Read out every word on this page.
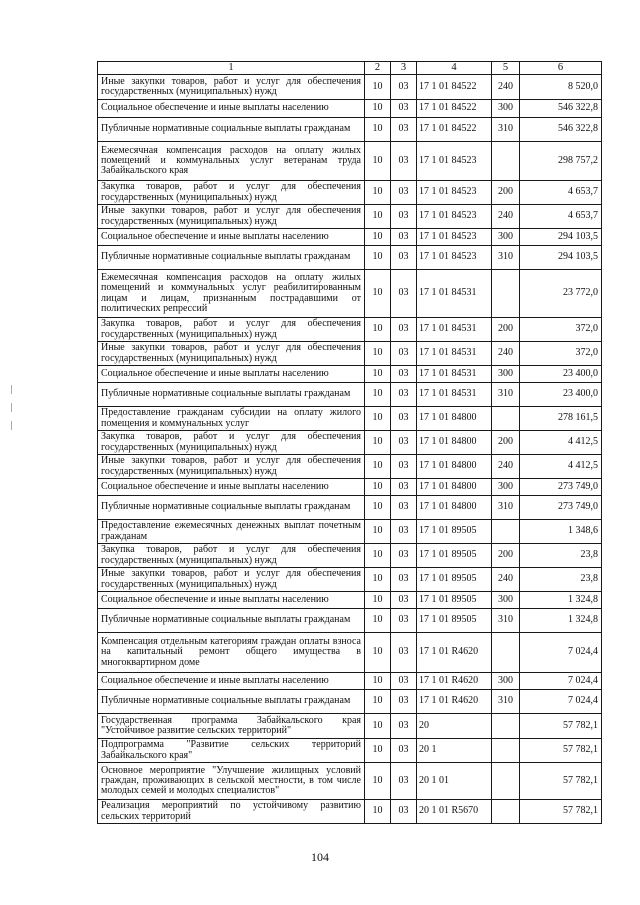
1	2	3	4	5	6
Иные закупки товаров, работ и услуг для обеспечения государственных (муниципальных) нужд	10	03	17 1 01 84522	240	8 520,0
Социальное обеспечение и иные выплаты населению	10	03	17 1 01 84522	300	546 322,8
Публичные нормативные социальные выплаты гражданам	10	03	17 1 01 84522	310	546 322,8
Ежемесячная компенсация расходов на оплату жилых помещений и коммунальных услуг ветеранам труда Забайкальского края	10	03	17 1 01 84523		298 757,2
Закупка товаров, работ и услуг для обеспечения государственных (муниципальных) нужд	10	03	17 1 01 84523	200	4 653,7
Иные закупки товаров, работ и услуг для обеспечения государственных (муниципальных) нужд	10	03	17 1 01 84523	240	4 653,7
Социальное обеспечение и иные выплаты населению	10	03	17 1 01 84523	300	294 103,5
Публичные нормативные социальные выплаты гражданам	10	03	17 1 01 84523	310	294 103,5
Ежемесячная компенсация расходов на оплату жилых помещений и коммунальных услуг реабилитированным лицам и лицам, признанным пострадавшими от политических репрессий	10	03	17 1 01 84531		23 772,0
Закупка товаров, работ и услуг для обеспечения государственных (муниципальных) нужд	10	03	17 1 01 84531	200	372,0
Иные закупки товаров, работ и услуг для обеспечения государственных (муниципальных) нужд	10	03	17 1 01 84531	240	372,0
Социальное обеспечение и иные выплаты населению	10	03	17 1 01 84531	300	23 400,0
Публичные нормативные социальные выплаты гражданам	10	03	17 1 01 84531	310	23 400,0
Предоставление гражданам субсидии на оплату жилого помещения и коммунальных услуг	10	03	17 1 01 84800		278 161,5
Закупка товаров, работ и услуг для обеспечения государственных (муниципальных) нужд	10	03	17 1 01 84800	200	4 412,5
Иные закупки товаров, работ и услуг для обеспечения государственных (муниципальных) нужд	10	03	17 1 01 84800	240	4 412,5
Социальное обеспечение и иные выплаты населению	10	03	17 1 01 84800	300	273 749,0
Публичные нормативные социальные выплаты гражданам	10	03	17 1 01 84800	310	273 749,0
Предоставление ежемесячных денежных выплат почетным гражданам	10	03	17 1 01 89505		1 348,6
Закупка товаров, работ и услуг для обеспечения государственных (муниципальных) нужд	10	03	17 1 01 89505	200	23,8
Иные закупки товаров, работ и услуг для обеспечения государственных (муниципальных) нужд	10	03	17 1 01 89505	240	23,8
Социальное обеспечение и иные выплаты населению	10	03	17 1 01 89505	300	1 324,8
Публичные нормативные социальные выплаты гражданам	10	03	17 1 01 89505	310	1 324,8
Компенсация отдельным категориям граждан оплаты взноса на капитальный ремонт общего имущества в многоквартирном доме	10	03	17 1 01 R4620		7 024,4
Социальное обеспечение и иные выплаты населению	10	03	17 1 01 R4620	300	7 024,4
Публичные нормативные социальные выплаты гражданам	10	03	17 1 01 R4620	310	7 024,4
Государственная программа Забайкальского края "Устойчивое развитие сельских территорий"	10	03	20		57 782,1
Подпрограмма "Развитие сельских территорий Забайкальского края"	10	03	20 1		57 782,1
Основное мероприятие "Улучшение жилищных условий граждан, проживающих в сельской местности, в том числе молодых семей и молодых специалистов"	10	03	20 1 01		57 782,1
Реализация мероприятий по устойчивому развитию сельских территорий	10	03	20 1 01 R5670		57 782,1
104
